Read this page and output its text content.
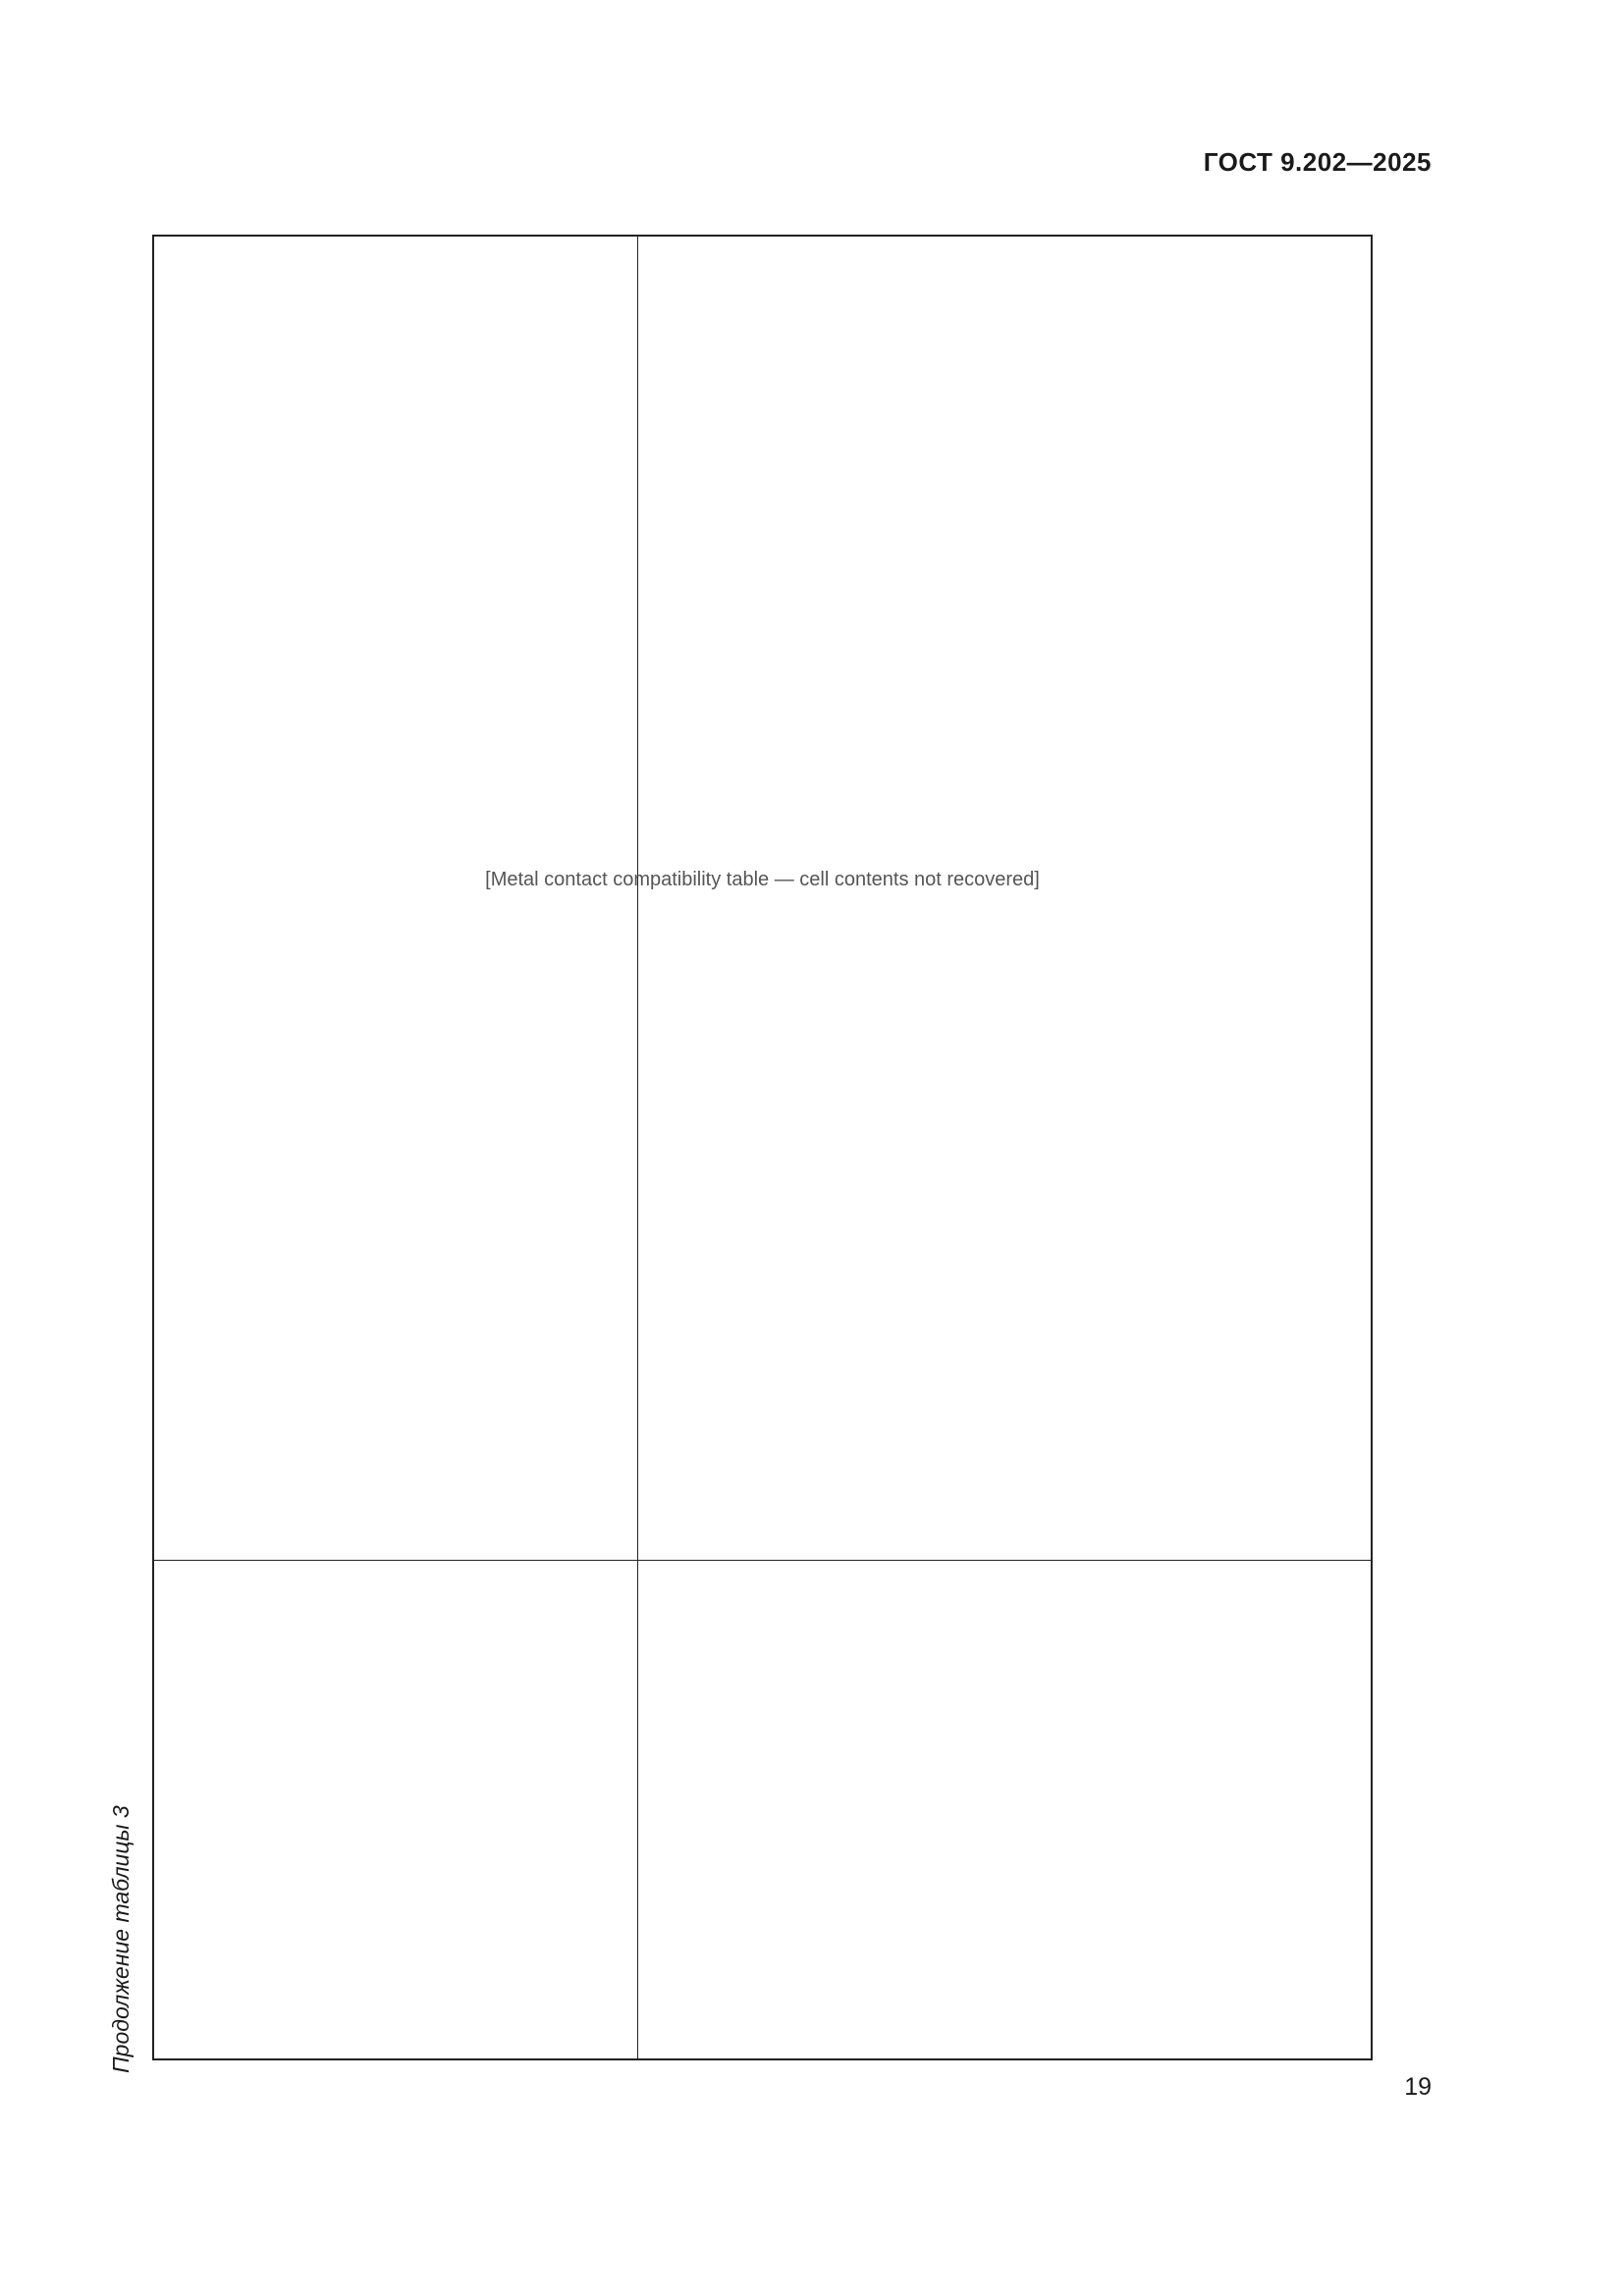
ГОСТ 9.202—2025
Продолжение таблицы 3
[Metal contact compatibility table — cell contents not recovered]
19
